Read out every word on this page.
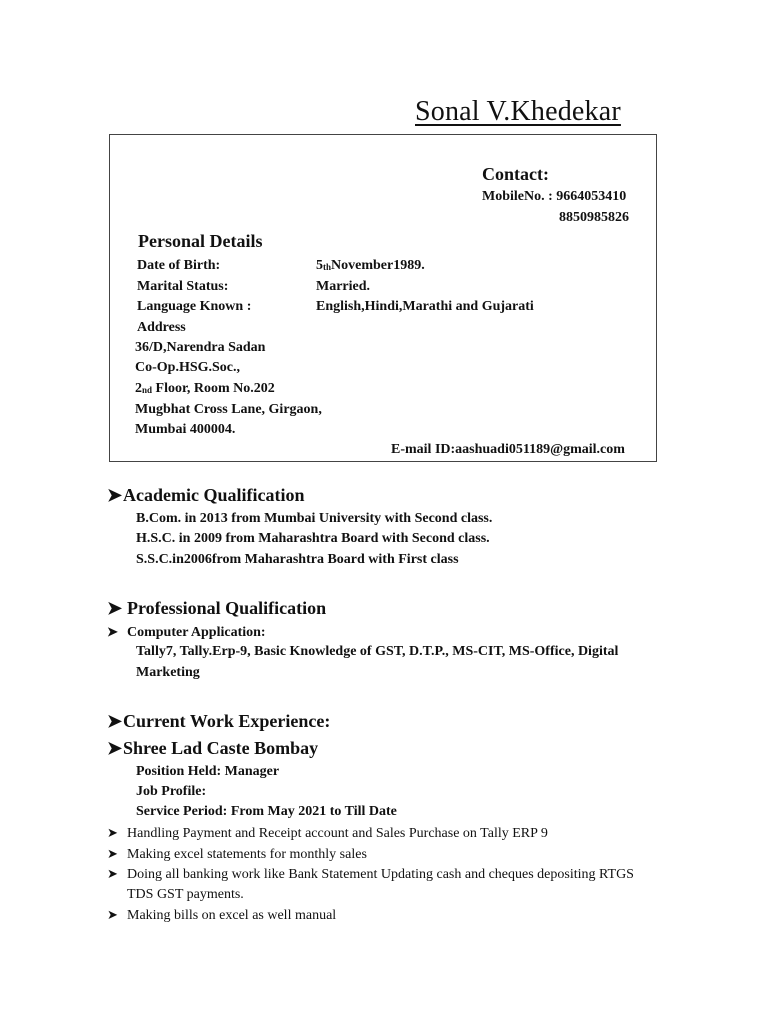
Sonal V.Khedekar
Contact:
MobileNo. : 9664053410
8850985826
Personal Details
Date of Birth:	5thNovember1989.
Marital Status:	Married.
Language Known :	English,Hindi,Marathi and Gujarati
Address
36/D,Narendra Sadan
Co-Op.HSG.Soc.,
2nd Floor, Room No.202
Mugbhat Cross Lane, Girgaon,
Mumbai 400004.
E-mail ID:aashuadi051189@gmail.com
➤Academic Qualification
B.Com. in 2013 from Mumbai University with Second class.
H.S.C. in 2009 from Maharashtra Board with Second class.
S.S.C.in2006from Maharashtra Board with First class
➤ Professional Qualification
➤ Computer Application:
Tally7, Tally.Erp-9, Basic Knowledge of GST, D.T.P., MS-CIT, MS-Office, Digital
Marketing
➤Current Work Experience:
➤Shree Lad Caste Bombay
Position Held: Manager
Job Profile:
Service Period: From May 2021 to Till Date
➤ Handling Payment and Receipt account and Sales Purchase on Tally ERP 9
➤ Making excel statements for monthly sales
➤ Doing all banking work like Bank Statement Updating cash and cheques depositing RTGS
TDS GST payments.
➤ Making bills on excel as well manual
